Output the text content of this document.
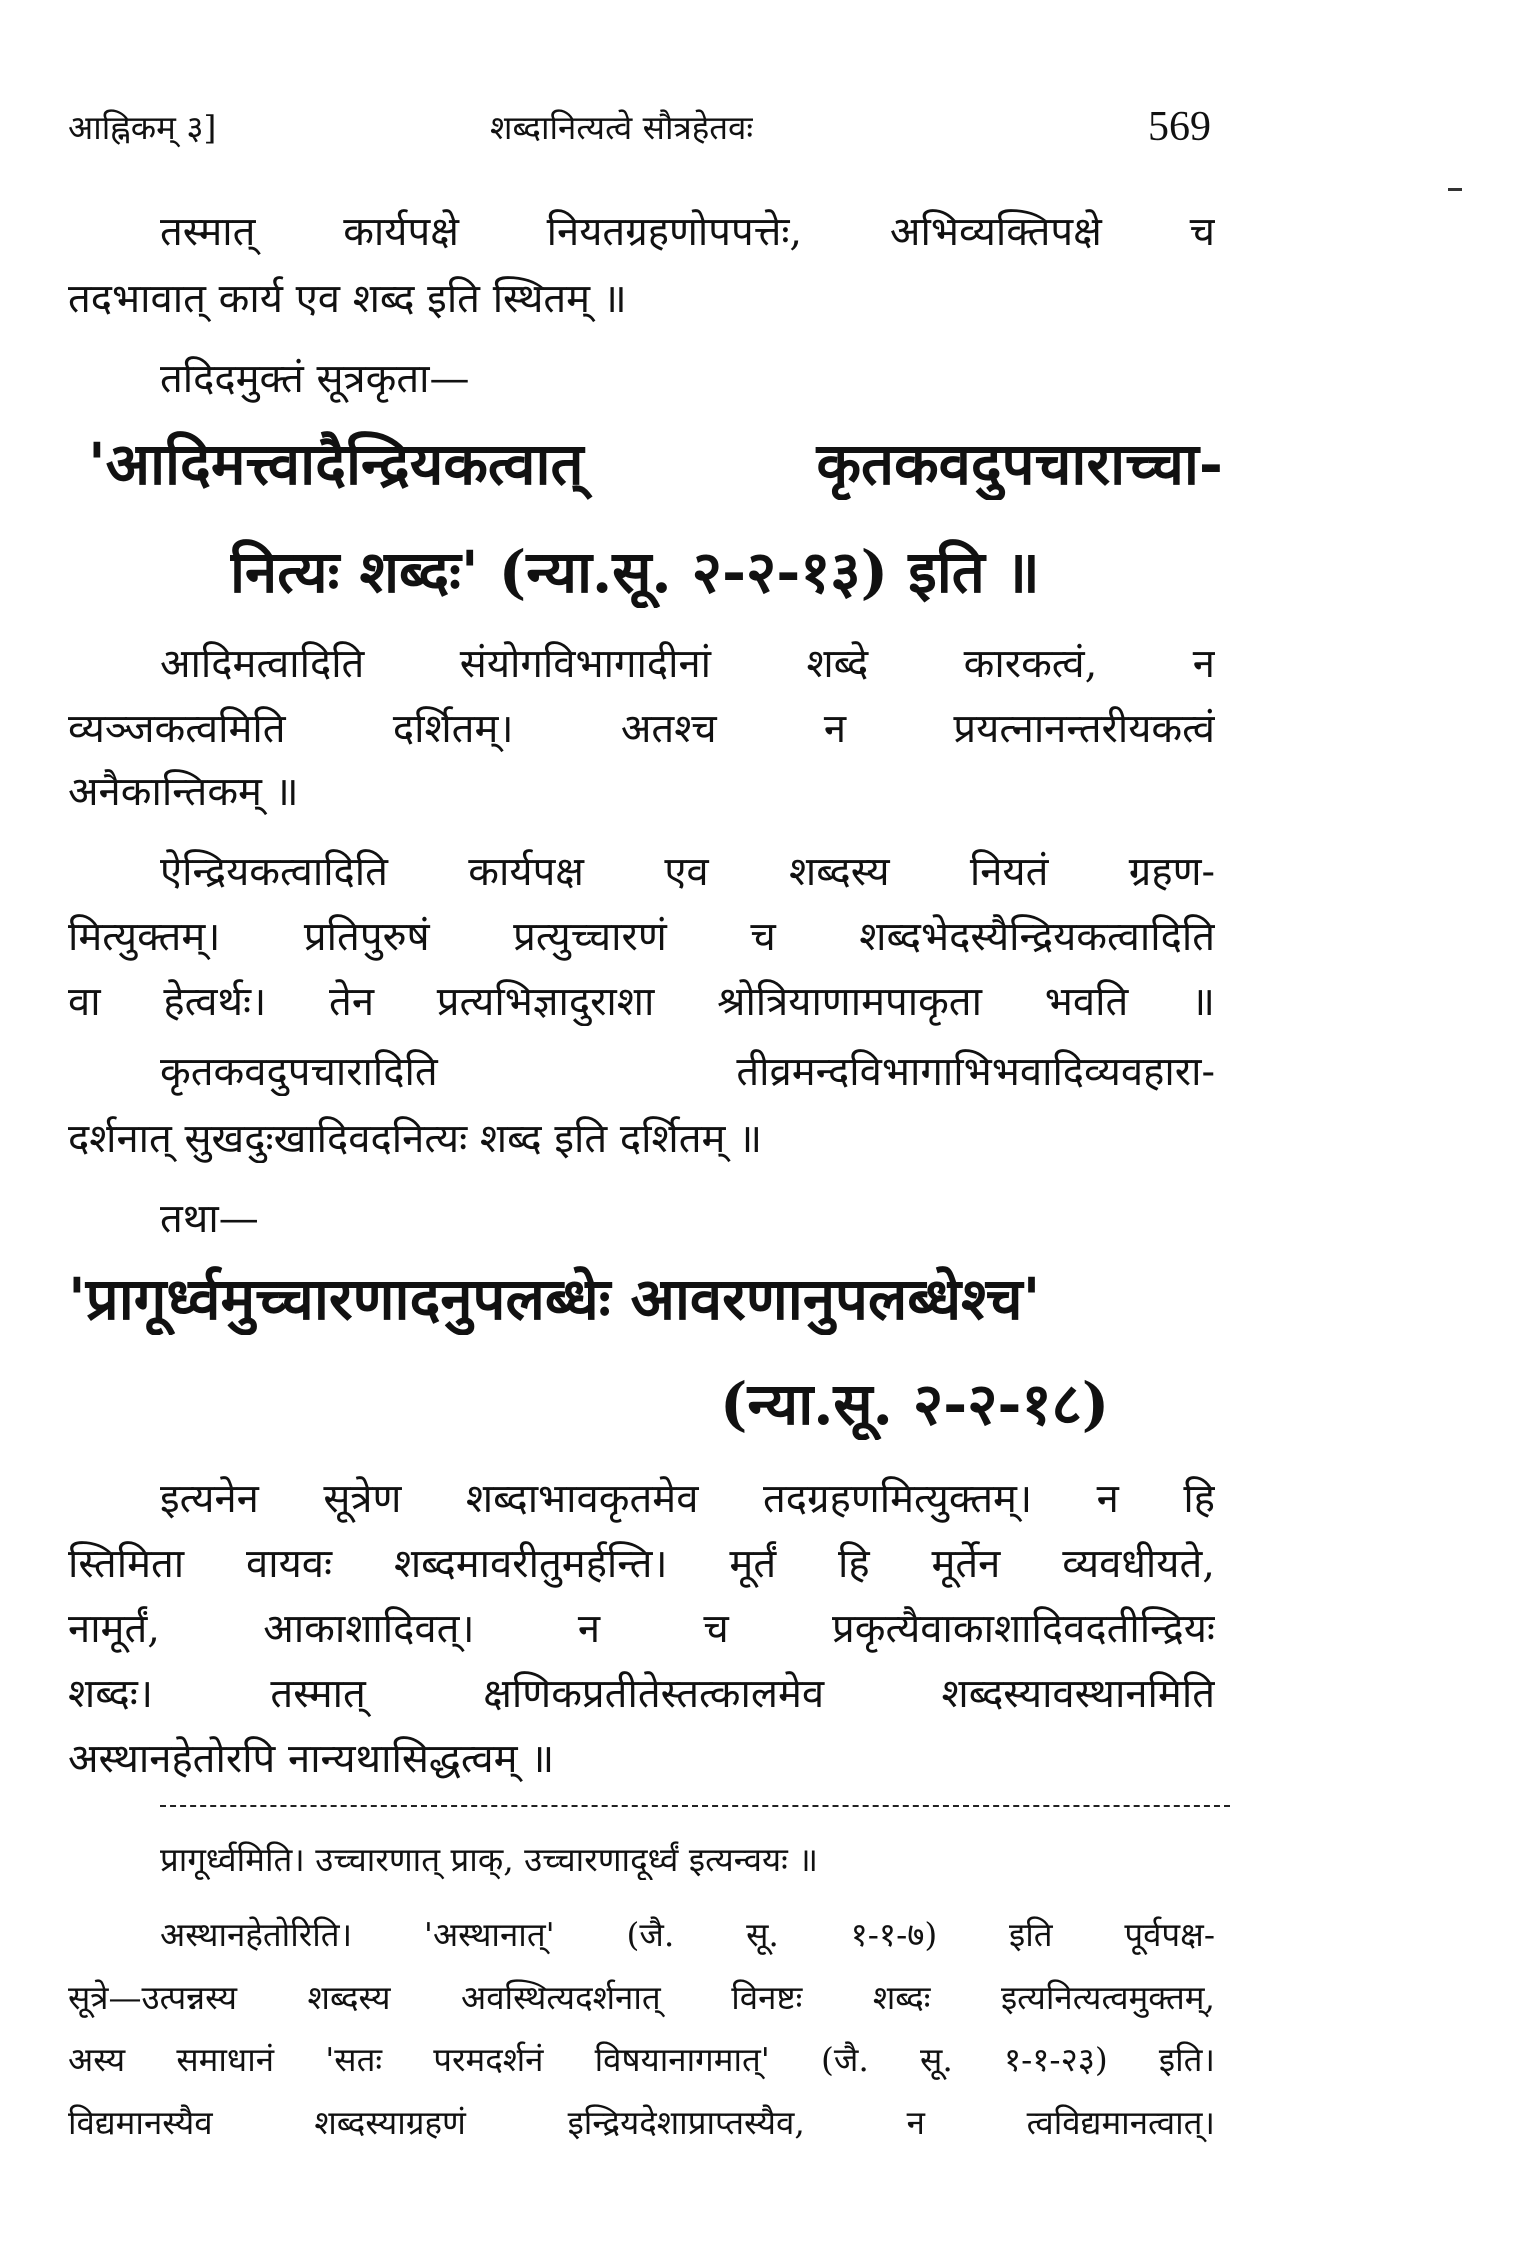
आह्निकम् ३]	शब्दानित्यत्वे सौत्रहेतवः	569
तस्मात् कार्यपक्षे नियतग्रहणोपपत्तेः, अभिव्यक्तिपक्षे च
तदभावात् कार्य एव शब्द इति स्थितम् ॥
तदिदमुक्तं सूत्रकृता—
'आदिमत्त्वादैन्द्रियकत्वात् कृतकवदुपचाराच्चा-
नित्यः शब्दः' (न्या.सू. २-२-१३) इति ॥
आदिमत्वादिति संयोगविभागादीनां शब्दे कारकत्वं, न
व्यञ्जकत्वमिति दर्शितम्। अतश्च न प्रयत्नानन्तरीयकत्वं
अनैकान्तिकम् ॥
ऐन्द्रियकत्वादिति कार्यपक्ष एव शब्दस्य नियतं ग्रहण-
मित्युक्तम्। प्रतिपुरुषं प्रत्युच्चारणं च शब्दभेदस्यैन्द्रियकत्वादिति
वा हेत्वर्थः। तेन प्रत्यभिज्ञादुराशा श्रोत्रियाणामपाकृता भवति ॥
कृतकवदुपचारादिति तीव्रमन्दविभागाभिभवादिव्यवहारा-
दर्शनात् सुखदुःखादिवदनित्यः शब्द इति दर्शितम् ॥
तथा—
'प्रागूर्ध्वमुच्चारणादनुपलब्धेः आवरणानुपलब्धेश्च'
(न्या.सू. २-२-१८)
इत्यनेन सूत्रेण शब्दाभावकृतमेव तदग्रहणमित्युक्तम्। न हि
स्तिमिता वायवः शब्दमावरीतुमर्हन्ति। मूर्तं हि मूर्तेन व्यवधीयते,
नामूर्तं, आकाशादिवत्। न च प्रकृत्यैवाकाशादिवदतीन्द्रियः
शब्दः। तस्मात् क्षणिकप्रतीतेस्तत्कालमेव शब्दस्यावस्थानमिति
अस्थानहेतोरपि नान्यथासिद्धत्वम् ॥
प्रागूर्ध्वमिति। उच्चारणात् प्राक्, उच्चारणादूर्ध्वं इत्यन्वयः ॥
अस्थानहेतोरिति। 'अस्थानात्' (जै. सू. १-१-७) इति पूर्वपक्ष-
सूत्रे—उत्पन्नस्य शब्दस्य अवस्थित्यदर्शनात् विनष्टः शब्दः इत्यनित्यत्वमुक्तम्,
अस्य समाधानं 'सतः परमदर्शनं विषयानागमात्' (जै. सू. १-१-२३) इति।
विद्यमानस्यैव शब्दस्याग्रहणं इन्द्रियदेशाप्राप्तस्यैव, न त्वविद्यमानत्वात्।
